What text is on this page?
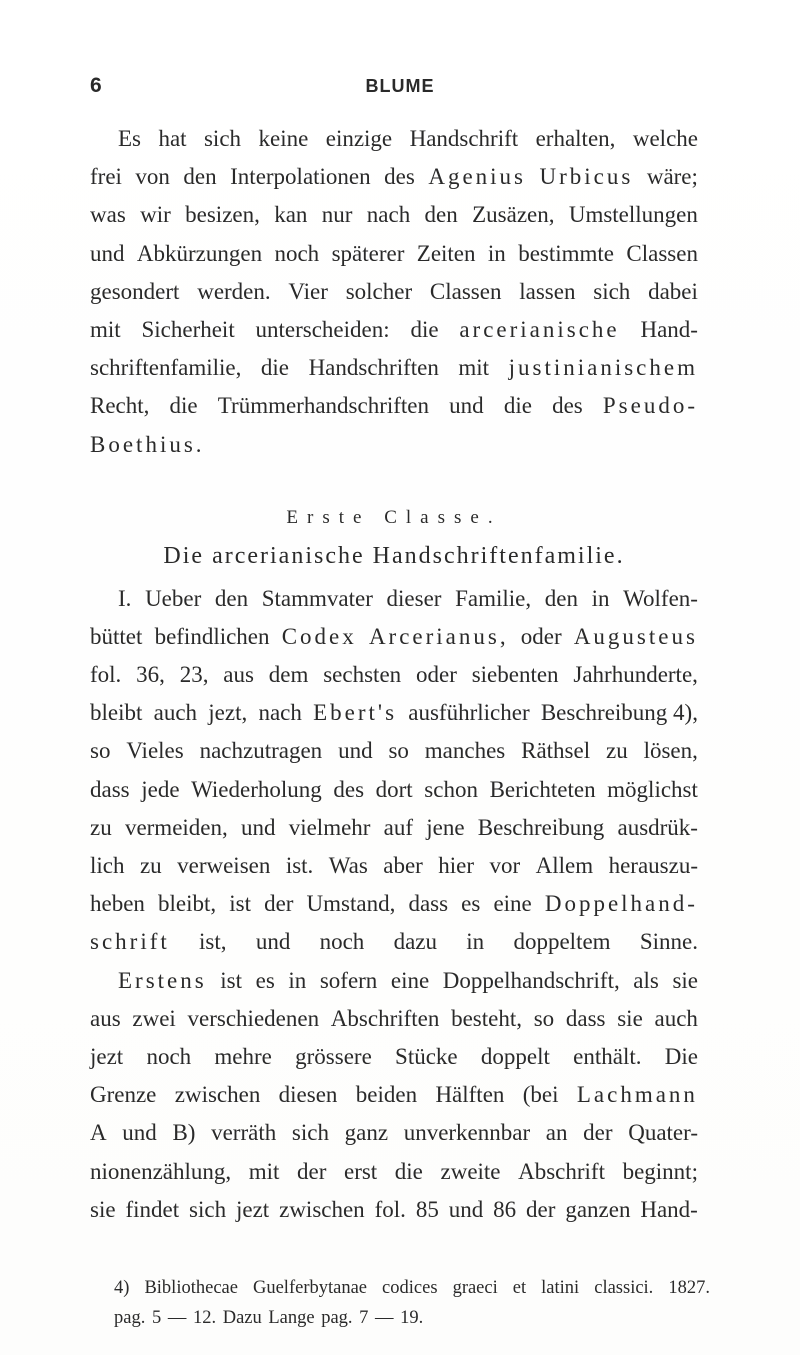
6	BLUME
Es hat sich keine einzige Handschrift erhalten, welche
frei von den Interpolationen des Agenius Urbicus wäre;
was wir besizen, kan nur nach den Zusäzen, Umstellungen
und Abkürzungen noch späterer Zeiten in bestimmte Classen
gesondert werden. Vier solcher Classen lassen sich dabei
mit Sicherheit unterscheiden: die arcerianische Hand-
schriftenfamilie, die Handschriften mit justinianischem
Recht, die Trümmerhandschriften und die des Pseudo-
Boethius.
Erste Classe.
Die arcerianische Handschriftenfamilie.
I. Ueber den Stammvater dieser Familie, den in Wolfen-
büttet befindlichen Codex Arcerianus, oder Augusteus
fol. 36, 23, aus dem sechsten oder siebenten Jahrhunderte,
bleibt auch jezt, nach Ebert's ausführlicher Beschreibung 4),
so Vieles nachzutragen und so manches Räthsel zu lösen,
dass jede Wiederholung des dort schon Berichteten möglichst
zu vermeiden, und vielmehr auf jene Beschreibung ausdrük-
lich zu verweisen ist. Was aber hier vor Allem herauszu-
heben bleibt, ist der Umstand, dass es eine Doppelhand-
schrift ist, und noch dazu in doppeltem Sinne.
Erstens ist es in sofern eine Doppelhandschrift, als sie
aus zwei verschiedenen Abschriften besteht, so dass sie auch
jezt noch mehre grössere Stücke doppelt enthält. Die
Grenze zwischen diesen beiden Hälften (bei Lachmann
A und B) verräth sich ganz unverkennbar an der Quater-
nionenzählung, mit der erst die zweite Abschrift beginnt;
sie findet sich jezt zwischen fol. 85 und 86 der ganzen Hand-
4) Bibliothecae Guelferbytanae codices graeci et latini classici. 1827.
pag. 5 — 12. Dazu Lange pag. 7 — 19.
